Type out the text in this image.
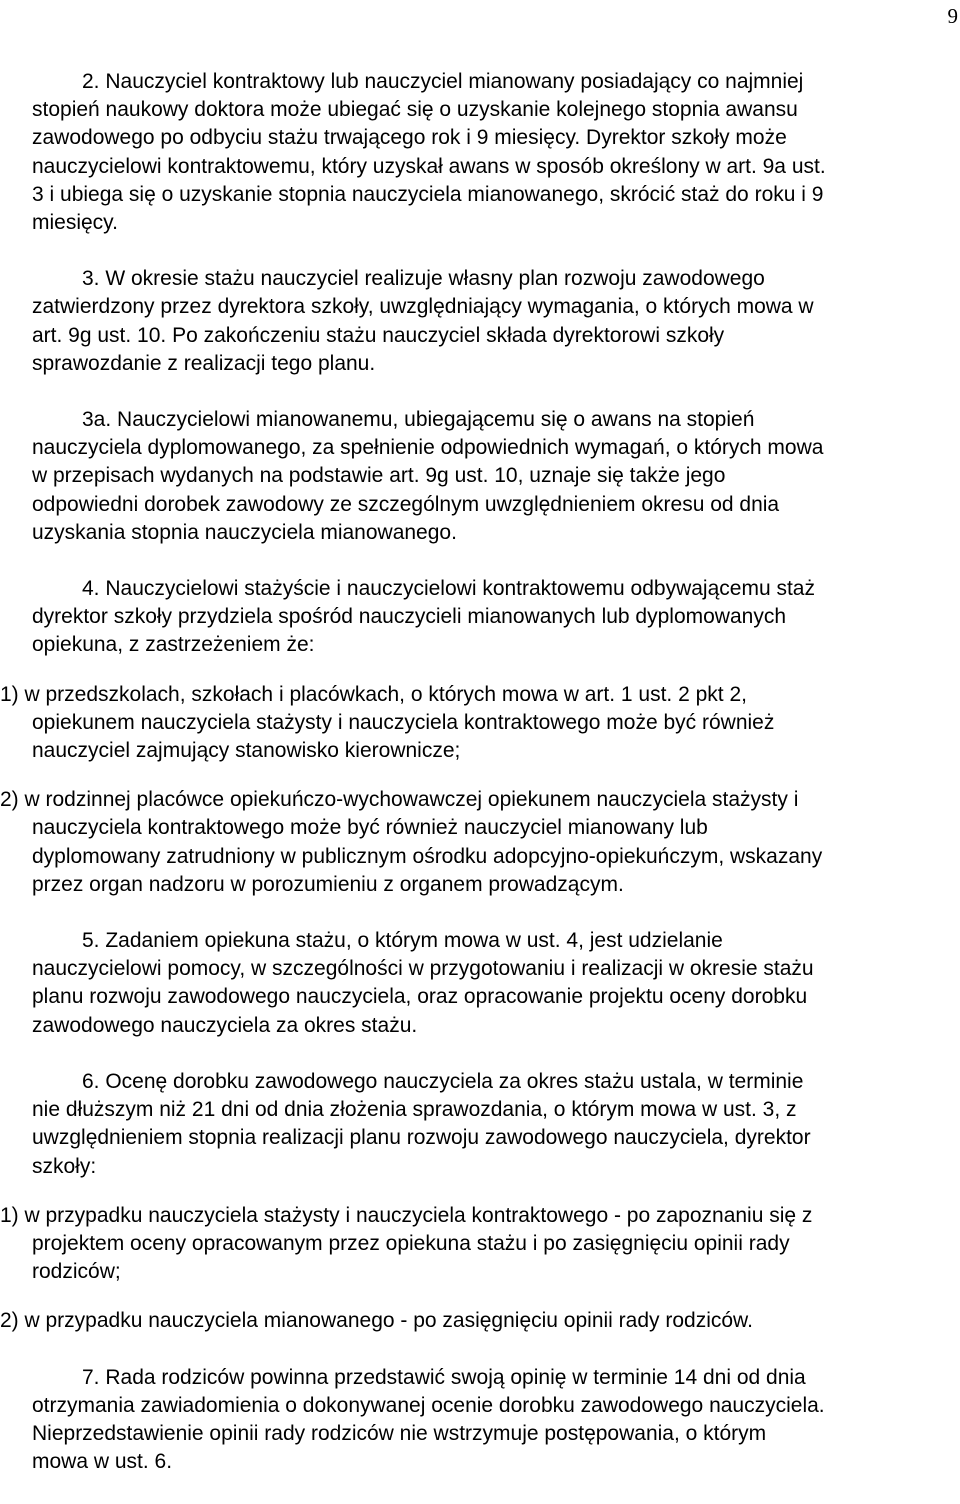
9

2. Nauczyciel kontraktowy lub nauczyciel mianowany posiadający co najmniej
stopień naukowy doktora może ubiegać się o uzyskanie kolejnego stopnia awansu
zawodowego po odbyciu stażu trwającego rok i 9 miesięcy. Dyrektor szkoły może
nauczycielowi kontraktowemu, który uzyskał awans w sposób określony w art. 9a ust.
3 i ubiega się o uzyskanie stopnia nauczyciela mianowanego, skrócić staż do roku i 9
miesięcy.

3. W okresie stażu nauczyciel realizuje własny plan rozwoju zawodowego
zatwierdzony przez dyrektora szkoły, uwzględniający wymagania, o których mowa w
art. 9g ust. 10. Po zakończeniu stażu nauczyciel składa dyrektorowi szkoły
sprawozdanie z realizacji tego planu.

3a. Nauczycielowi mianowanemu, ubiegającemu się o awans na stopień
nauczyciela dyplomowanego, za spełnienie odpowiednich wymagań, o których mowa
w przepisach wydanych na podstawie art. 9g ust. 10, uznaje się także jego
odpowiedni dorobek zawodowy ze szczególnym uwzględnieniem okresu od dnia
uzyskania stopnia nauczyciela mianowanego.

4. Nauczycielowi stażyście i nauczycielowi kontraktowemu odbywającemu staż
dyrektor szkoły przydziela spośród nauczycieli mianowanych lub dyplomowanych
opiekuna, z zastrzeżeniem że:

1) w przedszkolach, szkołach i placówkach, o których mowa w art. 1 ust. 2 pkt 2,
opiekunem nauczyciela stażysty i nauczyciela kontraktowego może być również
nauczyciel zajmujący stanowisko kierownicze;

2) w rodzinnej placówce opiekuńczo-wychowawczej opiekunem nauczyciela stażysty i
nauczyciela kontraktowego może być również nauczyciel mianowany lub
dyplomowany zatrudniony w publicznym ośrodku adopcyjno-opiekuńczym, wskazany
przez organ nadzoru w porozumieniu z organem prowadzącym.

5. Zadaniem opiekuna stażu, o którym mowa w ust. 4, jest udzielanie
nauczycielowi pomocy, w szczególności w przygotowaniu i realizacji w okresie stażu
planu rozwoju zawodowego nauczyciela, oraz opracowanie projektu oceny dorobku
zawodowego nauczyciela za okres stażu.

6. Ocenę dorobku zawodowego nauczyciela za okres stażu ustala, w terminie
nie dłuższym niż 21 dni od dnia złożenia sprawozdania, o którym mowa w ust. 3, z
uwzględnieniem stopnia realizacji planu rozwoju zawodowego nauczyciela, dyrektor
szkoły:

1) w przypadku nauczyciela stażysty i nauczyciela kontraktowego - po zapoznaniu się z
projektem oceny opracowanym przez opiekuna stażu i po zasięgnięciu opinii rady
rodziców;

2) w przypadku nauczyciela mianowanego - po zasięgnięciu opinii rady rodziców.

7. Rada rodziców powinna przedstawić swoją opinię w terminie 14 dni od dnia
otrzymania zawiadomienia o dokonywanej ocenie dorobku zawodowego nauczyciela.
Nieprzedstawienie opinii rady rodziców nie wstrzymuje postępowania, o którym
mowa w ust. 6.
